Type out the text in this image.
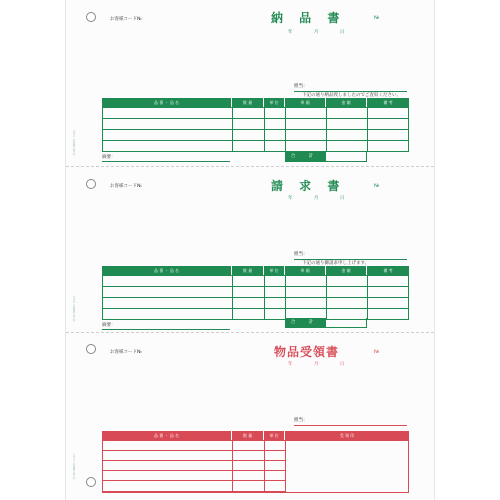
お客様コード№	納 品 書	№
年 月 日
担当：
下記の通り納品致しましたのでご査収ください。
品 番 ・ 品 名	数 量	単 位	単 価	金 額	備 考
摘要：	合 計
Ⓡ GF-NM01 (3/2)
お客様コード№	請 求 書	№
年 月 日
担当：
下記の通り御請求申し上げます。
品 番 ・ 品 名	数 量	単 位	単 価	金 額	備 考
摘要：
合 計
Ⓡ GF-NM01 (2/2)
お客様コード№	物品受領書	№
年 月 日
担当：
品 番 ・ 品 名	数 量	単 位	受 領 印
Ⓡ GF-NM01 (1/2)
